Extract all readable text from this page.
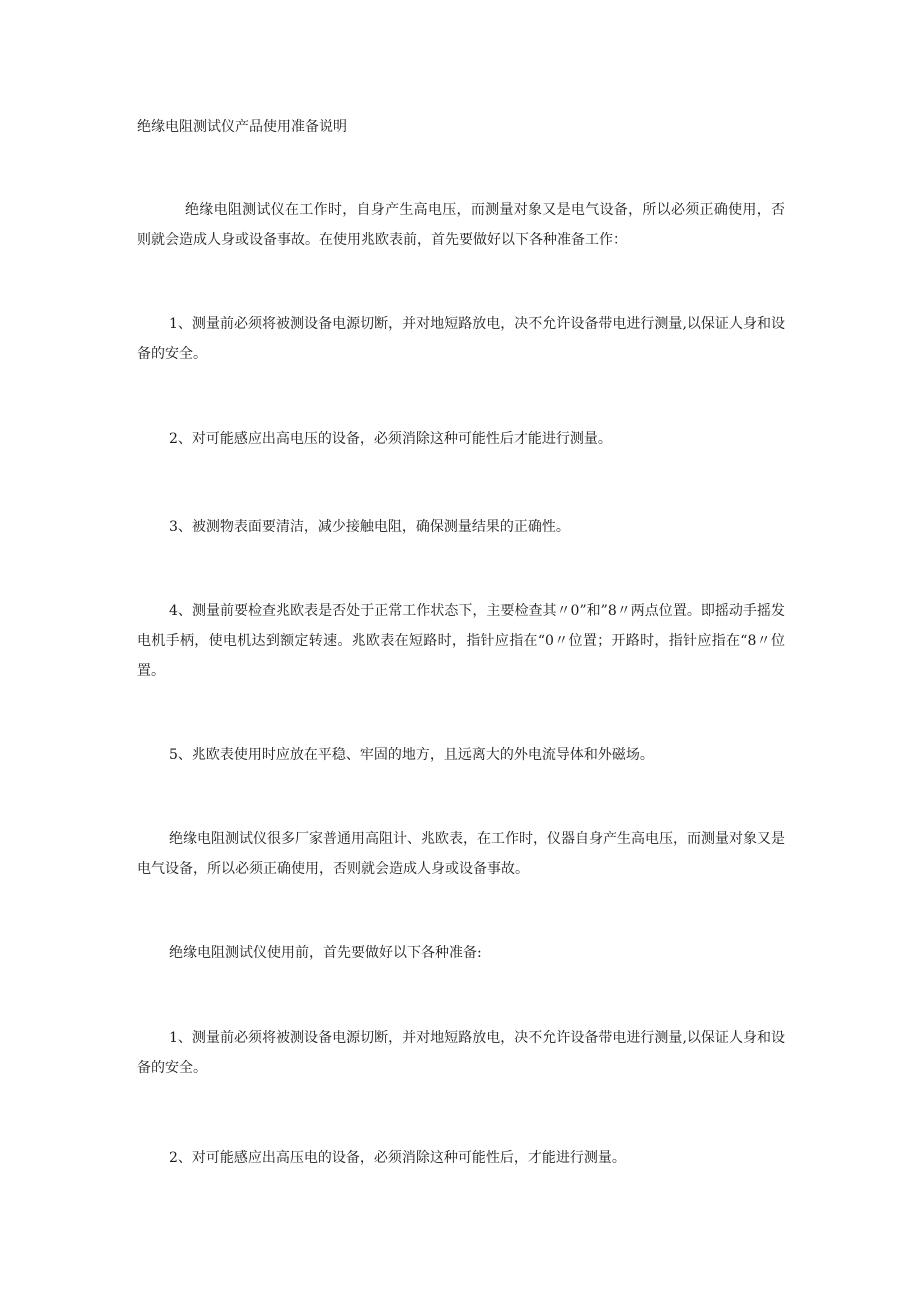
绝缘电阻测试仪产品使用准备说明

绝缘电阻测试仪在工作时，自身产生高电压，而测量对象又是电气设备，所以必须正确使用，否则就会造成人身或设备事故。在使用兆欧表前，首先要做好以下各种准备工作：

1、测量前必须将被测设备电源切断，并对地短路放电，决不允许设备带电进行测量,以保证人身和设备的安全。

2、对可能感应出高电压的设备，必须消除这种可能性后才能进行测量。

3、被测物表面要清洁，减少接触电阻，确保测量结果的正确性。

4、测量前要检查兆欧表是否处于正常工作状态下，主要检查其〃0”和”8〃两点位置。即摇动手摇发电机手柄，使电机达到额定转速。兆欧表在短路时，指针应指在“0〃位置；开路时，指针应指在“8〃位置。

5、兆欧表使用时应放在平稳、牢固的地方，且远离大的外电流导体和外磁场。

绝缘电阻测试仪很多厂家普通用高阻计、兆欧表，在工作时，仪器自身产生高电压，而测量对象又是电气设备，所以必须正确使用，否则就会造成人身或设备事故。

绝缘电阻测试仪使用前，首先要做好以下各种准备:

1、测量前必须将被测设备电源切断，并对地短路放电，决不允许设备带电进行测量,以保证人身和设备的安全。

2、对可能感应出高压电的设备，必须消除这种可能性后，才能进行测量。
